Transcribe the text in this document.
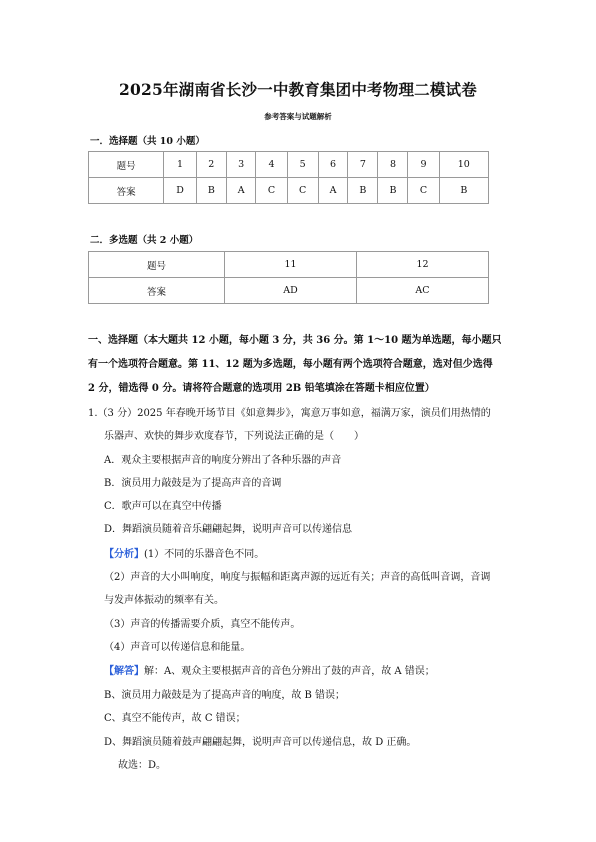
2025年湖南省长沙一中教育集团中考物理二模试卷
参考答案与试题解析
一．选择题（共 10 小题）
题号	1	2	3	4	5	6	7	8	9	10
答案	D	B	A	C	C	A	B	B	C	B
二．多选题（共 2 小题）
题号	11	12
答案	AD	AC
一、选择题（本大题共 12 小题，每小题 3 分，共 36 分。第 1～10 题为单选题，每小题只
有一个选项符合题意。第 11、12 题为多选题，每小题有两个选项符合题意，选对但少选得
2 分，错选得 0 分。请将符合题意的选项用 2B 铅笔填涂在答题卡相应位置）
1.（3 分）2025 年春晚开场节目《如意舞步》，寓意万事如意，福满万家，演员们用热情的
乐器声、欢快的舞步欢度春节，下列说法正确的是（　　）
A．观众主要根据声音的响度分辨出了各种乐器的声音
B．演员用力敲鼓是为了提高声音的音调
C．歌声可以在真空中传播
D．舞蹈演员随着音乐翩翩起舞，说明声音可以传递信息
【分析】(1）不同的乐器音色不同。
（2）声音的大小叫响度，响度与振幅和距离声源的远近有关；声音的高低叫音调，音调
与发声体振动的频率有关。
（3）声音的传播需要介质，真空不能传声。
（4）声音可以传递信息和能量。
【解答】解：A、观众主要根据声音的音色分辨出了鼓的声音，故 A 错误；
B、演员用力敲鼓是为了提高声音的响度，故 B 错误；
C、真空不能传声，故 C 错误；
D、舞蹈演员随着鼓声翩翩起舞，说明声音可以传递信息，故 D 正确。
故选：D。
